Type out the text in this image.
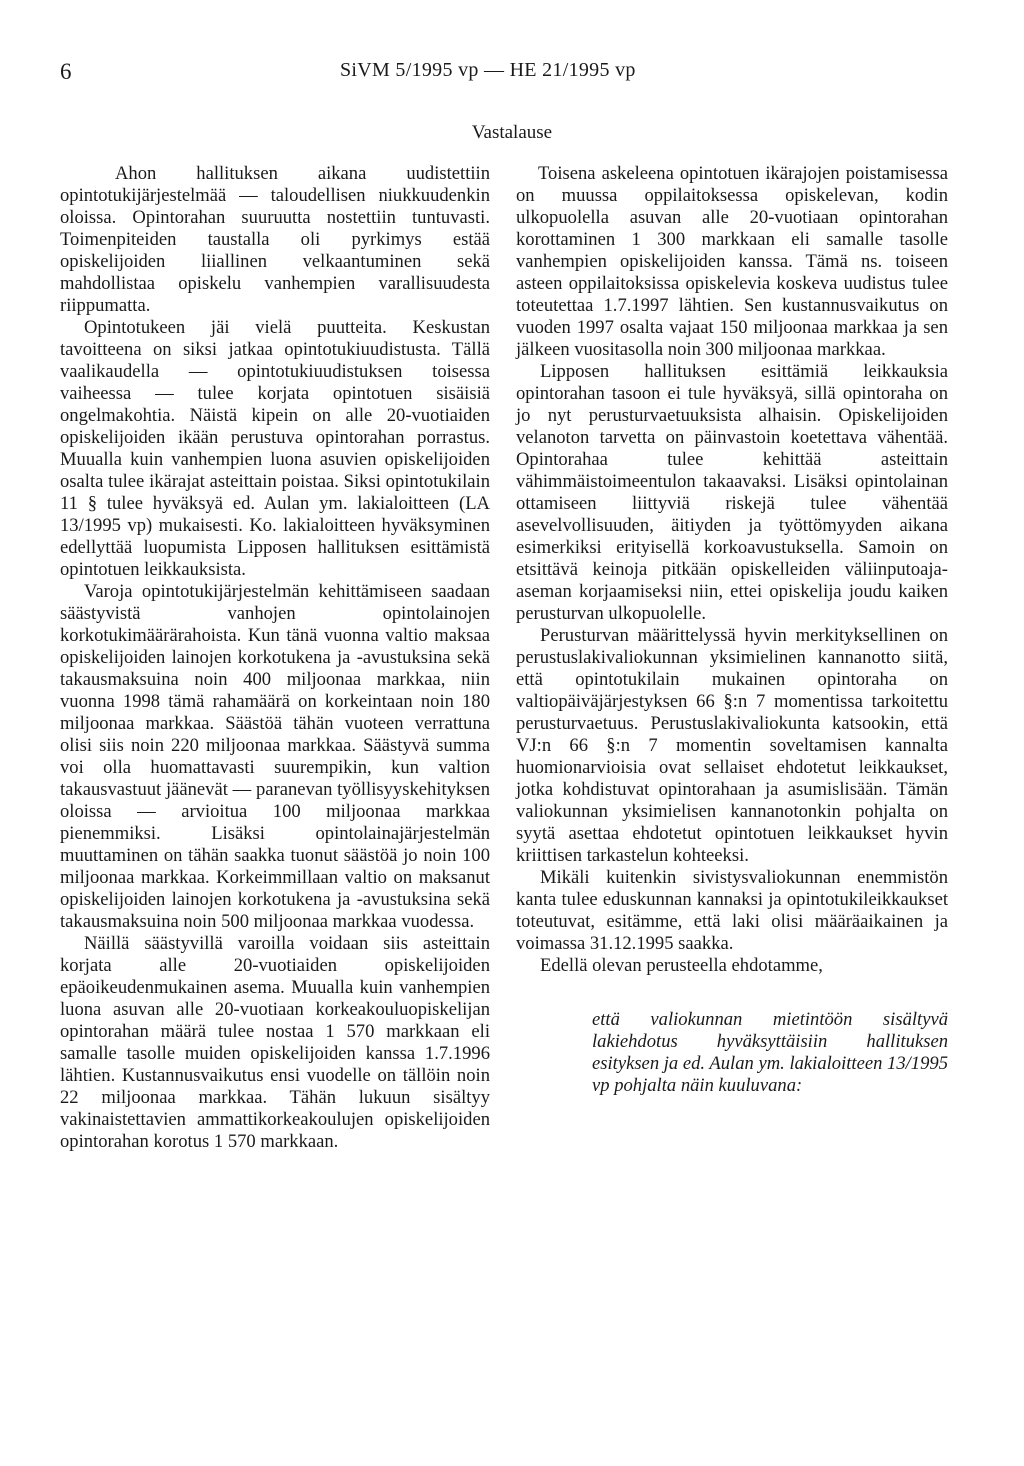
6	SiVM 5/1995 vp — HE 21/1995 vp
Vastalause

Ahon hallituksen aikana uudistettiin opintotukijärjestelmää — taloudellisen niukkuudenkin oloissa. Opintorahan suuruutta nostettiin tuntuvasti. Toimenpiteiden taustalla oli pyrkimys estää opiskelijoiden liiallinen velkaantuminen sekä mahdollistaa opiskelu vanhempien varallisuudesta riippumatta.

Opintotukeen jäi vielä puutteita. Keskustan tavoitteena on siksi jatkaa opintotukiuudistusta. Tällä vaalikaudella — opintotukiuudistuksen toisessa vaiheessa — tulee korjata opintotuen sisäisiä ongelmakohtia. Näistä kipein on alle 20-vuotiaiden opiskelijoiden ikään perustuva opintorahan porrastus. Muualla kuin vanhempien luona asuvien opiskelijoiden osalta tulee ikärajat asteittain poistaa. Siksi opintotukilain 11 § tulee hyväksyä ed. Aulan ym. lakialoitteen (LA 13/1995 vp) mukaisesti. Ko. lakialoitteen hyväksyminen edellyttää luopumista Lipposen hallituksen esittämistä opintotuen leikkauksista.

Varoja opintotukijärjestelmän kehittämiseen saadaan säästyvistä vanhojen opintolainojen korkotukimäärärahoista. Kun tänä vuonna valtio maksaa opiskelijoiden lainojen korkotukena ja -avustuksina sekä takausmaksuina noin 400 miljoonaa markkaa, niin vuonna 1998 tämä rahamäärä on korkeintaan noin 180 miljoonaa markkaa. Säästöä tähän vuoteen verrattuna olisi siis noin 220 miljoonaa markkaa. Säästyvä summa voi olla huomattavasti suurempikin, kun valtion takausvastuut jäänevät — paranevan työllisyyskehityksen oloissa — arvioitua 100 miljoonaa markkaa pienemmiksi. Lisäksi opintolainajärjestelmän muuttaminen on tähän saakka tuonut säästöä jo noin 100 miljoonaa markkaa. Korkeimmillaan valtio on maksanut opiskelijoiden lainojen korkotukena ja -avustuksina sekä takausmaksuina noin 500 miljoonaa markkaa vuodessa.

Näillä säästyvillä varoilla voidaan siis asteittain korjata alle 20-vuotiaiden opiskelijoiden epäoikeudenmukainen asema. Muualla kuin vanhempien luona asuvan alle 20-vuotiaan korkeakouluopiskelijan opintorahan määrä tulee nostaa 1 570 markkaan eli samalle tasolle muiden opiskelijoiden kanssa 1.7.1996 lähtien. Kustannusvaikutus ensi vuodelle on tällöin noin 22 miljoonaa markkaa. Tähän lukuun sisältyy vakinaistettavien ammattikorkeakoulujen opiskelijoiden opintorahan korotus 1 570 markkaan.

Toisena askeleena opintotuen ikärajojen poistamisessa on muussa oppilaitoksessa opiskelevan, kodin ulkopuolella asuvan alle 20-vuotiaan opintorahan korottaminen 1 300 markkaan eli samalle tasolle vanhempien opiskelijoiden kanssa. Tämä ns. toiseen asteen oppilaitoksissa opiskelevia koskeva uudistus tulee toteutettaa 1.7.1997 lähtien. Sen kustannusvaikutus on vuoden 1997 osalta vajaat 150 miljoonaa markkaa ja sen jälkeen vuositasolla noin 300 miljoonaa markkaa.

Lipposen hallituksen esittämiä leikkauksia opintorahan tasoon ei tule hyväksyä, sillä opintoraha on jo nyt perusturvaetuuksista alhaisin. Opiskelijoiden velanoton tarvetta on päinvastoin koetettava vähentää. Opintorahaa tulee kehittää asteittain vähimmäistoimeentulon takaavaksi. Lisäksi opintolainan ottamiseen liittyviä riskejä tulee vähentää asevelvollisuuden, äitiyden ja työttömyyden aikana esimerkiksi erityisellä korkoavustuksella. Samoin on etsittävä keinoja pitkään opiskelleiden väliinputoaja-aseman korjaamiseksi niin, ettei opiskelija joudu kaiken perusturvan ulkopuolelle.

Perusturvan määrittelyssä hyvin merkityksellinen on perustuslakivaliokunnan yksimielinen kannanotto siitä, että opintotukilain mukainen opintoraha on valtiopäiväjärjestyksen 66 §:n 7 momentissa tarkoitettu perusturvaetuus. Perustuslakivaliokunta katsookin, että VJ:n 66 §:n 7 momentin soveltamisen kannalta huomionarvioisia ovat sellaiset ehdotetut leikkaukset, jotka kohdistuvat opintorahaan ja asumislisään. Tämän valiokunnan yksimielisen kannanotonkin pohjalta on syytä asettaa ehdotetut opintotuen leikkaukset hyvin kriittisen tarkastelun kohteeksi.

Mikäli kuitenkin sivistysvaliokunnan enemmistön kanta tulee eduskunnan kannaksi ja opintotukileikkaukset toteutuvat, esitämme, että laki olisi määräaikainen ja voimassa 31.12.1995 saakka.

Edellä olevan perusteella ehdotamme,

että valiokunnan mietintöön sisältyvä lakiehdotus hyväksyttäisiin hallituksen esityksen ja ed. Aulan ym. lakialoitteen 13/1995 vp pohjalta näin kuuluvana:
